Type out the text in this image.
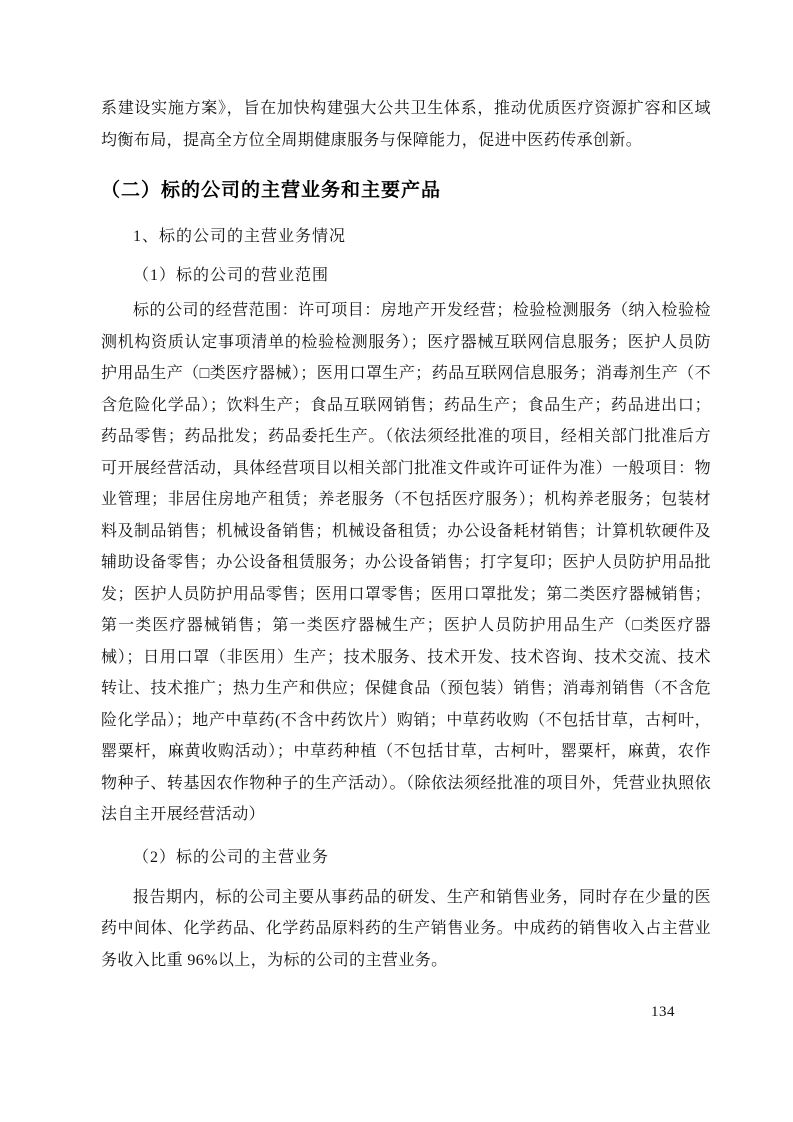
系建设实施方案》，旨在加快构建强大公共卫生体系，推动优质医疗资源扩容和区域均衡布局，提高全方位全周期健康服务与保障能力，促进中医药传承创新。

（二）标的公司的主营业务和主要产品

1、标的公司的主营业务情况

（1）标的公司的营业范围

标的公司的经营范围：许可项目：房地产开发经营；检验检测服务（纳入检验检测机构资质认定事项清单的检验检测服务）；医疗器械互联网信息服务；医护人员防护用品生产（□类医疗器械）；医用口罩生产；药品互联网信息服务；消毒剂生产（不含危险化学品）；饮料生产；食品互联网销售；药品生产；食品生产；药品进出口；药品零售；药品批发；药品委托生产。（依法须经批准的项目，经相关部门批准后方可开展经营活动，具体经营项目以相关部门批准文件或许可证件为准）一般项目：物业管理；非居住房地产租赁；养老服务（不包括医疗服务）；机构养老服务；包装材料及制品销售；机械设备销售；机械设备租赁；办公设备耗材销售；计算机软硬件及辅助设备零售；办公设备租赁服务；办公设备销售；打字复印；医护人员防护用品批发；医护人员防护用品零售；医用口罩零售；医用口罩批发；第二类医疗器械销售；第一类医疗器械销售；第一类医疗器械生产；医护人员防护用品生产（□类医疗器械）；日用口罩（非医用）生产；技术服务、技术开发、技术咨询、技术交流、技术转让、技术推广；热力生产和供应；保健食品（预包装）销售；消毒剂销售（不含危险化学品）；地产中草药(不含中药饮片）购销；中草药收购（不包括甘草，古柯叶，罂粟杆，麻黄收购活动）；中草药种植（不包括甘草，古柯叶，罂粟杆，麻黄，农作物种子、转基因农作物种子的生产活动）。（除依法须经批准的项目外，凭营业执照依法自主开展经营活动）

（2）标的公司的主营业务

报告期内，标的公司主要从事药品的研发、生产和销售业务，同时存在少量的医药中间体、化学药品、化学药品原料药的生产销售业务。中成药的销售收入占主营业务收入比重 96%以上，为标的公司的主营业务。

134
